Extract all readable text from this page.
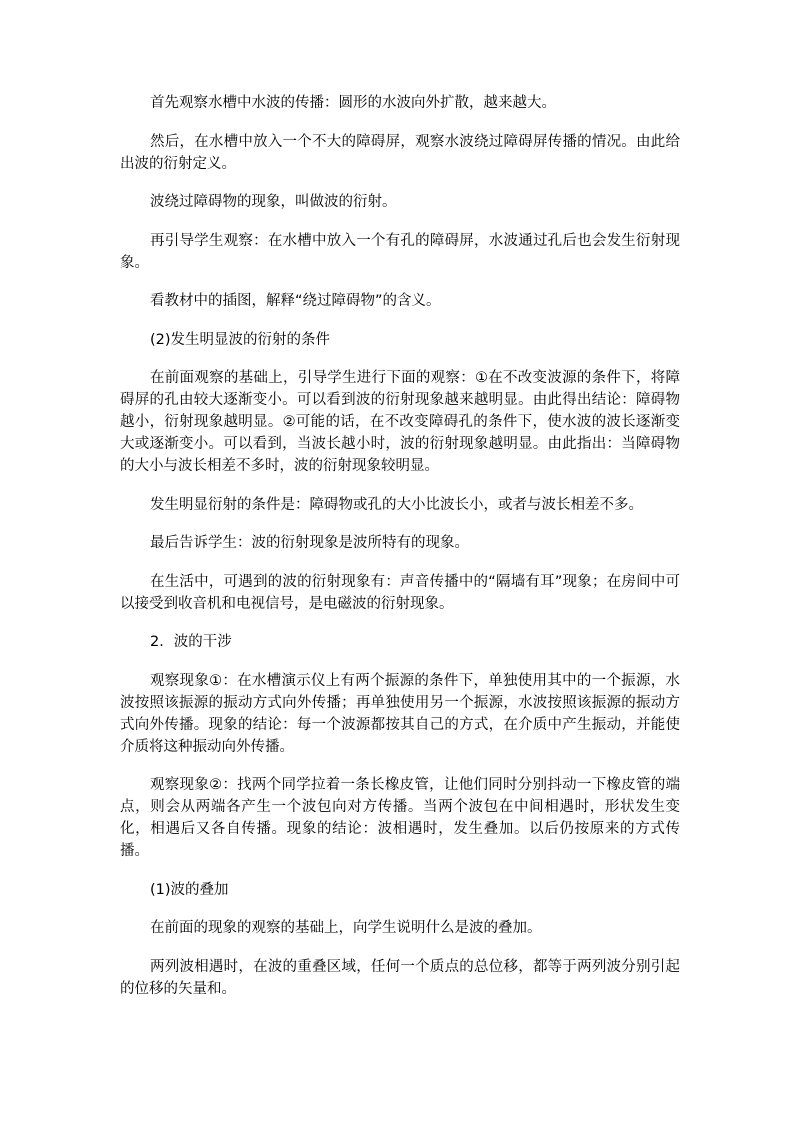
首先观察水槽中水波的传播：圆形的水波向外扩散，越来越大。

然后，在水槽中放入一个不大的障碍屏，观察水波绕过障碍屏传播的情况。由此给出波的衍射定义。

波绕过障碍物的现象，叫做波的衍射。

再引导学生观察：在水槽中放入一个有孔的障碍屏，水波通过孔后也会发生衍射现象。

看教材中的插图，解释“绕过障碍物”的含义。

(2)发生明显波的衍射的条件

在前面观察的基础上，引导学生进行下面的观察：①在不改变波源的条件下，将障碍屏的孔由较大逐渐变小。可以看到波的衍射现象越来越明显。由此得出结论：障碍物越小，衍射现象越明显。②可能的话，在不改变障碍孔的条件下，使水波的波长逐渐变大或逐渐变小。可以看到，当波长越小时，波的衍射现象越明显。由此指出：当障碍物的大小与波长相差不多时，波的衍射现象较明显。

发生明显衍射的条件是：障碍物或孔的大小比波长小，或者与波长相差不多。

最后告诉学生：波的衍射现象是波所特有的现象。

在生活中，可遇到的波的衍射现象有：声音传播中的“隔墙有耳”现象；在房间中可以接受到收音机和电视信号，是电磁波的衍射现象。

2．波的干涉

观察现象①：在水槽演示仪上有两个振源的条件下，单独使用其中的一个振源，水波按照该振源的振动方式向外传播；再单独使用另一个振源，水波按照该振源的振动方式向外传播。现象的结论：每一个波源都按其自己的方式，在介质中产生振动，并能使介质将这种振动向外传播。

观察现象②：找两个同学拉着一条长橡皮管，让他们同时分别抖动一下橡皮管的端点，则会从两端各产生一个波包向对方传播。当两个波包在中间相遇时，形状发生变化，相遇后又各自传播。现象的结论：波相遇时，发生叠加。以后仍按原来的方式传播。

(1)波的叠加

在前面的现象的观察的基础上，向学生说明什么是波的叠加。

两列波相遇时，在波的重叠区域，任何一个质点的总位移，都等于两列波分别引起的位移的矢量和。
